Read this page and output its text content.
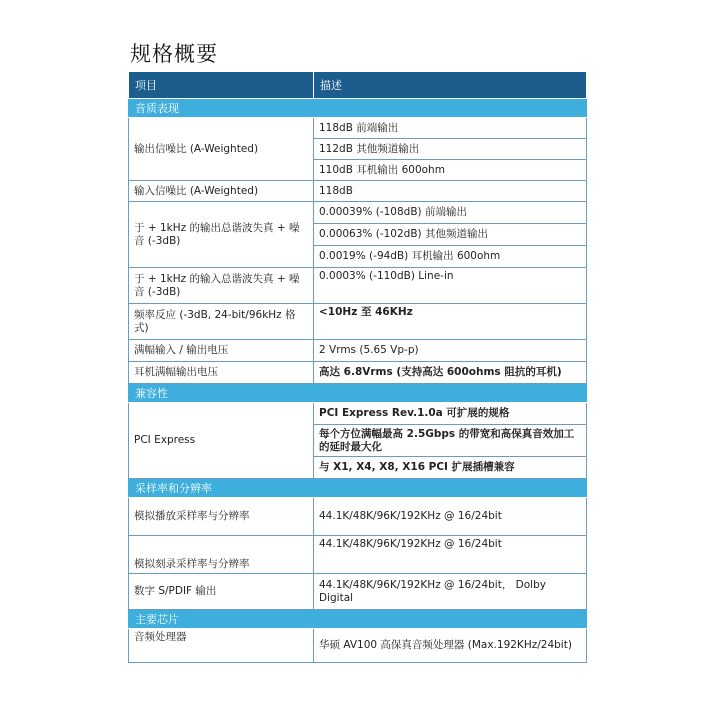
规格概要
项目	描述
音质表现	
输出信噪比 (A-Weighted)	118dB 前端输出
	112dB 其他频道输出
	110dB 耳机输出 600ohm
输入信噪比 (A-Weighted)	118dB
于 + 1kHz 的输出总谐波失真 + 噪音 (-3dB)	0.00039% (-108dB) 前端输出
	0.00063% (-102dB) 其他频道输出
	0.0019% (-94dB) 耳机输出 600ohm
于 + 1kHz 的输入总谐波失真 + 噪音 (-3dB)	0.0003% (-110dB) Line-in
频率反应 (-3dB, 24-bit/96kHz 格式)	<10Hz 至 46KHz
满幅输入 / 输出电压	2 Vrms (5.65 Vp-p)
耳机满幅输出电压	高达 6.8Vrms (支持高达 600ohms 阻抗的耳机)
兼容性	
PCI Express	PCI Express Rev.1.0a 可扩展的规格
	每个方位满幅最高 2.5Gbps 的带宽和高保真音效加工的延时最大化
	与 X1, X4, X8, X16 PCI 扩展插槽兼容
采样率和分辨率	
模拟播放采样率与分辨率	44.1K/48K/96K/192KHz @ 16/24bit
模拟刻录采样率与分辨率	44.1K/48K/96K/192KHz @ 16/24bit
数字 S/PDIF 输出	44.1K/48K/96K/192KHz @ 16/24bit， Dolby Digital
主要芯片	
音频处理器	华硕 AV100 高保真音频处理器 (Max.192KHz/24bit)
